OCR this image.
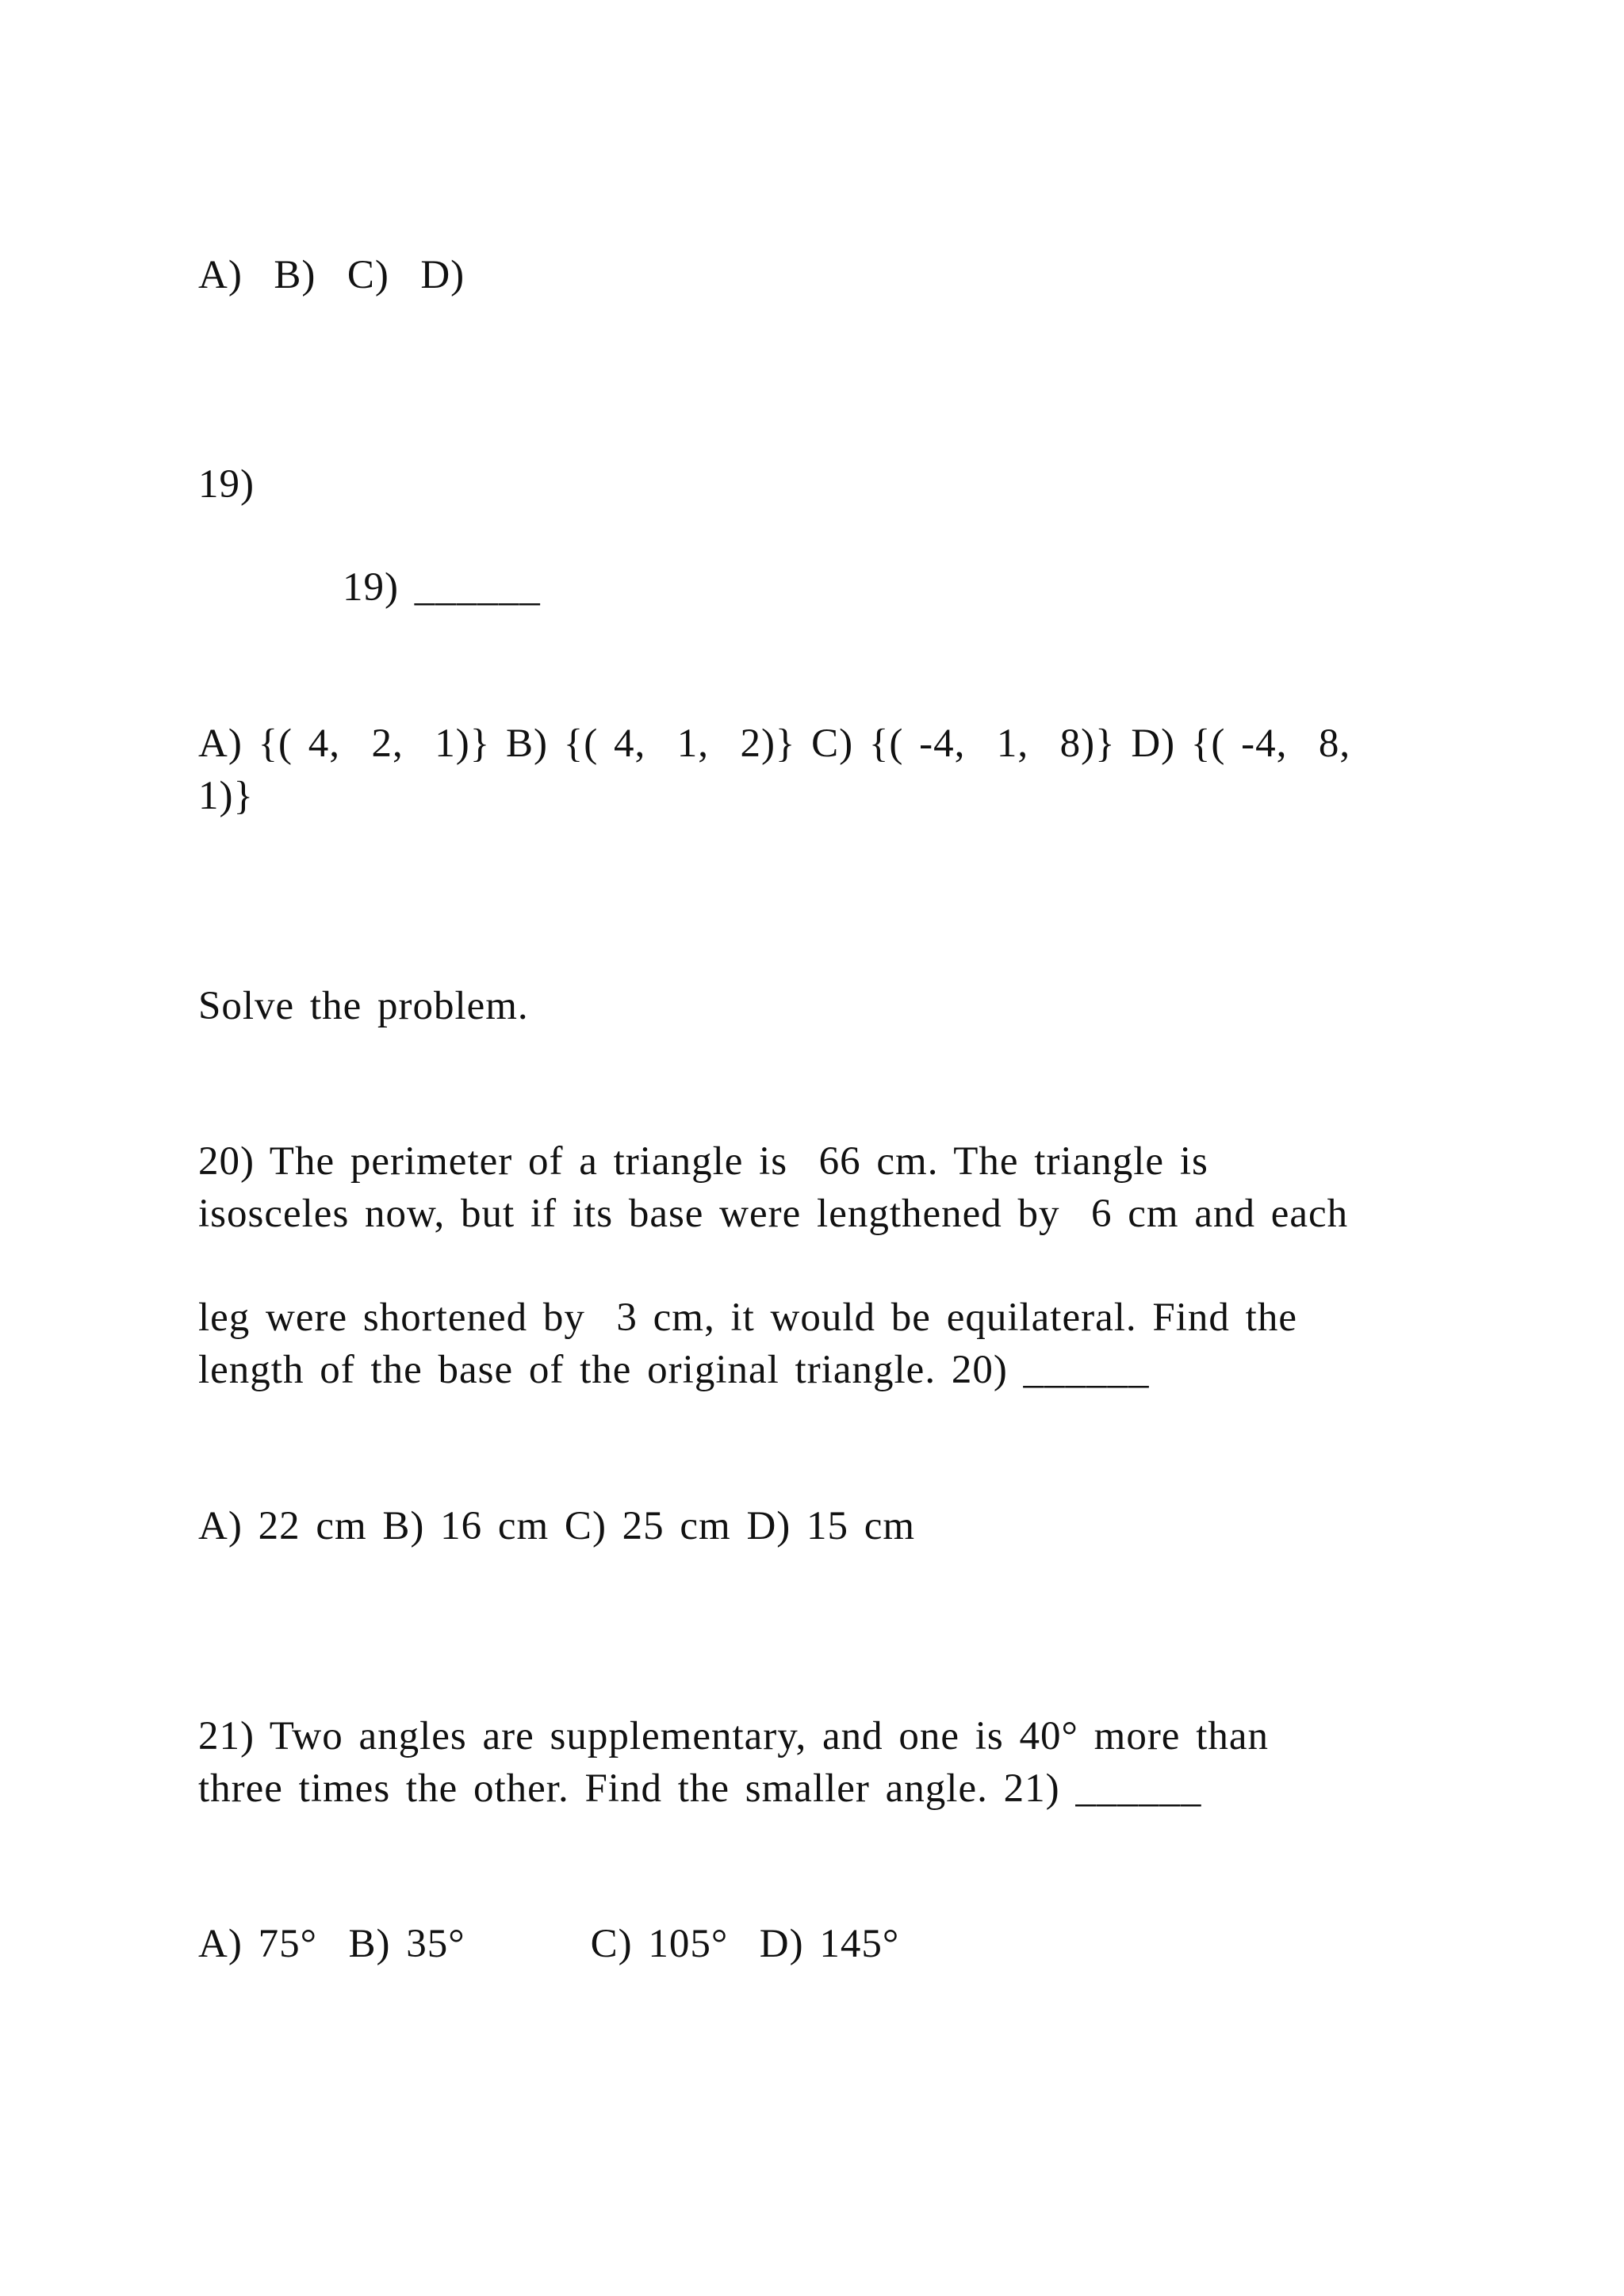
A)  B)  C)  D)
19)
19) ______
A) {( 4,  2,  1)} B) {( 4,  1,  2)} C) {( -4,  1,  8)} D) {( -4,  8,
1)}
Solve the problem.
20) The perimeter of a triangle is  66 cm. The triangle is
isosceles now, but if its base were lengthened by  6 cm and each
leg were shortened by  3 cm, it would be equilateral. Find the
length of the base of the original triangle. 20) ______
A) 22 cm B) 16 cm C) 25 cm D) 15 cm
21) Two angles are supplementary, and one is 40° more than
three times the other. Find the smaller angle. 21) ______
A) 75°  B) 35°        C) 105°  D) 145°
